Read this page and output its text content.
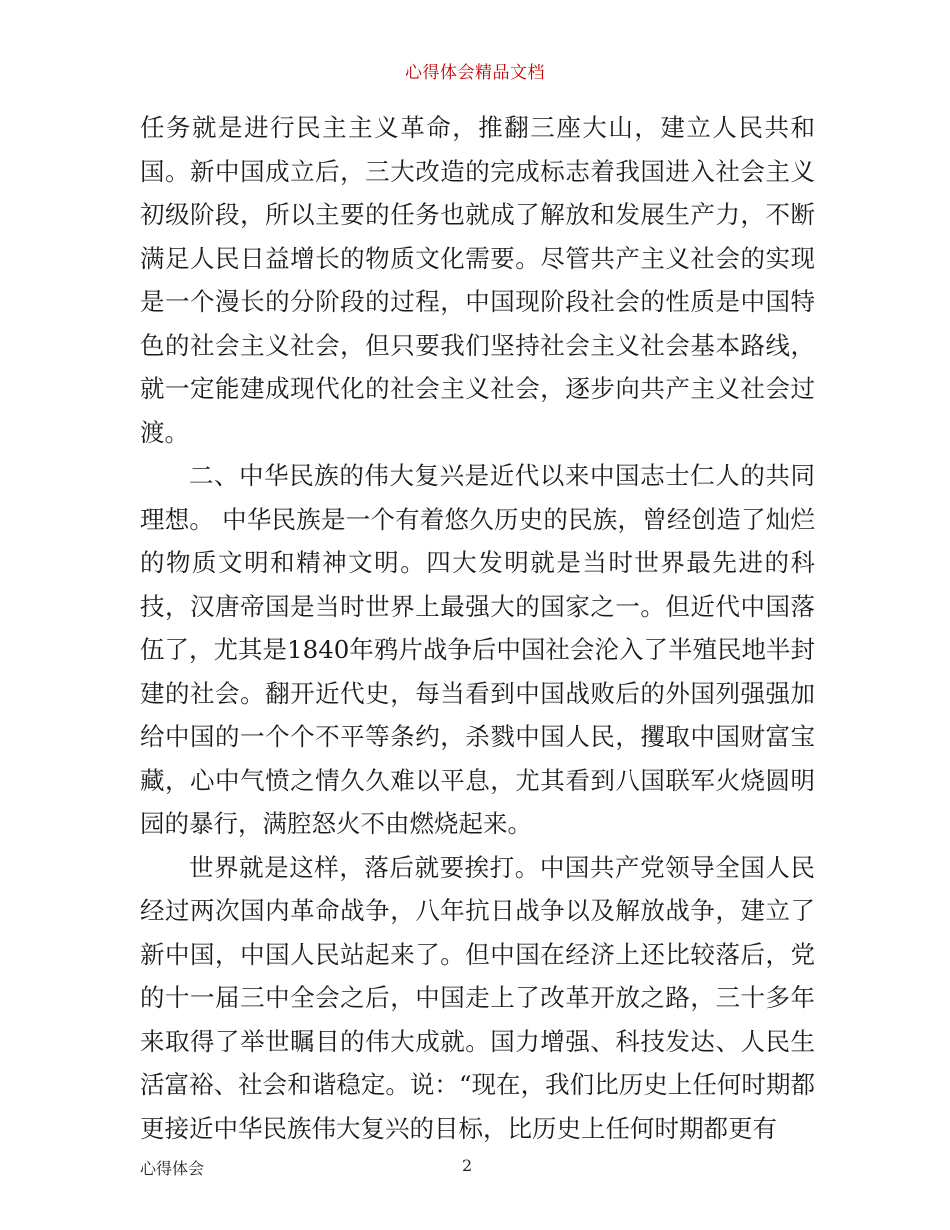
心得体会精品文档

任务就是进行民主主义革命，推翻三座大山，建立人民共和国。新中国成立后，三大改造的完成标志着我国进入社会主义初级阶段，所以主要的任务也就成了解放和发展生产力，不断满足人民日益增长的物质文化需要。尽管共产主义社会的实现是一个漫长的分阶段的过程，中国现阶段社会的性质是中国特色的社会主义社会，但只要我们坚持社会主义社会基本路线，就一定能建成现代化的社会主义社会，逐步向共产主义社会过渡。

二、中华民族的伟大复兴是近代以来中国志士仁人的共同理想。 中华民族是一个有着悠久历史的民族，曾经创造了灿烂的物质文明和精神文明。四大发明就是当时世界最先进的科技，汉唐帝国是当时世界上最强大的国家之一。但近代中国落伍了，尤其是1840年鸦片战争后中国社会沦入了半殖民地半封建的社会。翻开近代史，每当看到中国战败后的外国列强强加给中国的一个个不平等条约，杀戮中国人民，攫取中国财富宝藏，心中气愤之情久久难以平息，尤其看到八国联军火烧圆明园的暴行，满腔怒火不由燃烧起来。

世界就是这样，落后就要挨打。中国共产党领导全国人民经过两次国内革命战争，八年抗日战争以及解放战争，建立了新中国，中国人民站起来了。但中国在经济上还比较落后，党的十一届三中全会之后，中国走上了改革开放之路，三十多年来取得了举世瞩目的伟大成就。国力增强、科技发达、人民生活富裕、社会和谐稳定。说：“现在，我们比历史上任何时期都更接近中华民族伟大复兴的目标，比历史上任何时期都更有

心得体会	2
